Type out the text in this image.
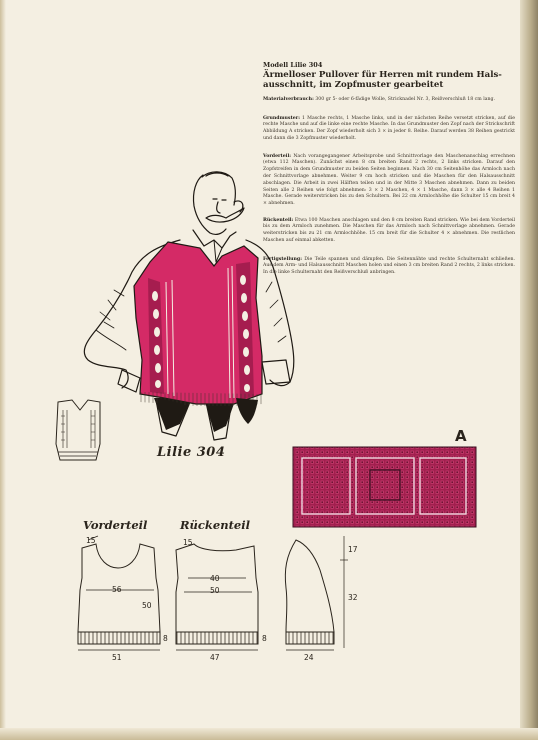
15
56
50
8
51
15
40
50
8
47
17
32
24

Modell Lilie 304

Ärmelloser Pullover für Herren mit rundem Hals-ausschnitt, im Zopfmuster gearbeitet

Materialverbrauch: 300 gr 5- oder 6-fädige Wolle, Stricknadel Nr. 3, Reißverschluß 18 cm lang.

Grundmuster: 1 Masche rechts, 1 Masche links, und in der nächsten Reihe versetzt stricken, auf die rechte Masche und auf die linke eine rechte Masche. In das Grundmuster den Zopf nach der Strickschrift Abbildung A stricken. Der Zopf wiederholt sich 3 × in jeder 8. Reihe. Darauf werden 38 Reihen gestrickt und dann die 3 Zopfmuster wiederholt.

Vorderteil: Nach vorangegangener Arbeitsprobe und Schnittvorlage den Maschenanschlag errechnen (etwa 112 Maschen). Zunächst einen 8 cm breiten Rand 2 rechts, 2 links stricken. Darauf den Zopfstreifen in dem Grundmuster zu beiden Seiten beginnen. Nach 30 cm Seitenhöhe das Armloch nach der Schnittvorlage abnehmen. Weiter 9 cm hoch stricken und die Maschen für den Halsausschnitt abschlagen. Die Arbeit in zwei Hälften teilen und in der Mitte 3 Maschen abnehmen. Dann zu beiden Seiten alle 2 Reihen wie folgt abnehmen: 3 × 2 Maschen, 4 × 1 Masche, dann 3 × alle 4 Reihen 1 Masche. Gerade weiterstricken bis zu den Schultern. Bei 22 cm Armlochhöhe die Schulter 15 cm breit 4 × abnehmen.

Rückenteil: Etwa 100 Maschen anschlagen und den 8 cm breiten Rand stricken. Wie bei dem Vorderteil bis zu dem Armloch zunehmen. Die Maschen für das Armloch nach Schnittvorlage abnehmen. Gerade weiterstricken bis zu 21 cm Armlochhöhe. 15 cm breit für die Schulter 4 × abnehmen. Die restlichen Maschen auf einmal abketten.

Fertigstellung: Die Teile spannen und dämpfen. Die Seitennähte und rechte Schulternaht schließen. Aus dem Arm- und Halsausschnitt Maschen holen und einen 3 cm breiten Rand 2 rechts, 2 links stricken. In die linke Schulternaht den Reißverschluß anbringen.

Lilie 304

A

Vorderteil	Rückenteil
